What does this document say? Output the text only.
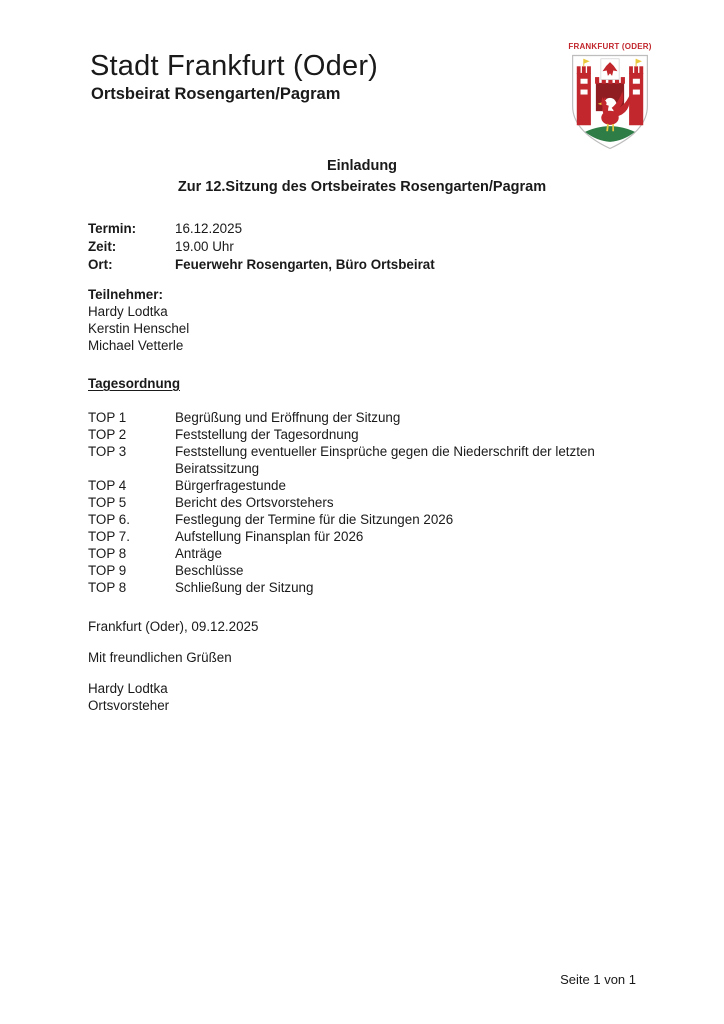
Stadt Frankfurt (Oder)
Ortsbeirat Rosengarten/Pagram
FRANKFURT (ODER)
Einladung
Zur 12.Sitzung des Ortsbeirates Rosengarten/Pagram
Termin:	16.12.2025
Zeit:	19.00 Uhr
Ort:	Feuerwehr Rosengarten, Büro Ortsbeirat
Teilnehmer:
Hardy Lodtka
Kerstin Henschel
Michael Vetterle
Tagesordnung
TOP 1	Begrüßung und Eröffnung der Sitzung
TOP 2	Feststellung der Tagesordnung
TOP 3	Feststellung eventueller Einsprüche gegen die Niederschrift der letzten Beiratssitzung
TOP 4	Bürgerfragestunde
TOP 5	Bericht des Ortsvorstehers
TOP 6.	Festlegung der Termine für die Sitzungen 2026
TOP 7.	Aufstellung Finansplan für 2026
TOP 8	Anträge
TOP 9	Beschlüsse
TOP 8	Schließung der Sitzung
Frankfurt (Oder), 09.12.2025
Mit freundlichen Grüßen
Hardy Lodtka
Ortsvorsteher
Seite 1 von 1
